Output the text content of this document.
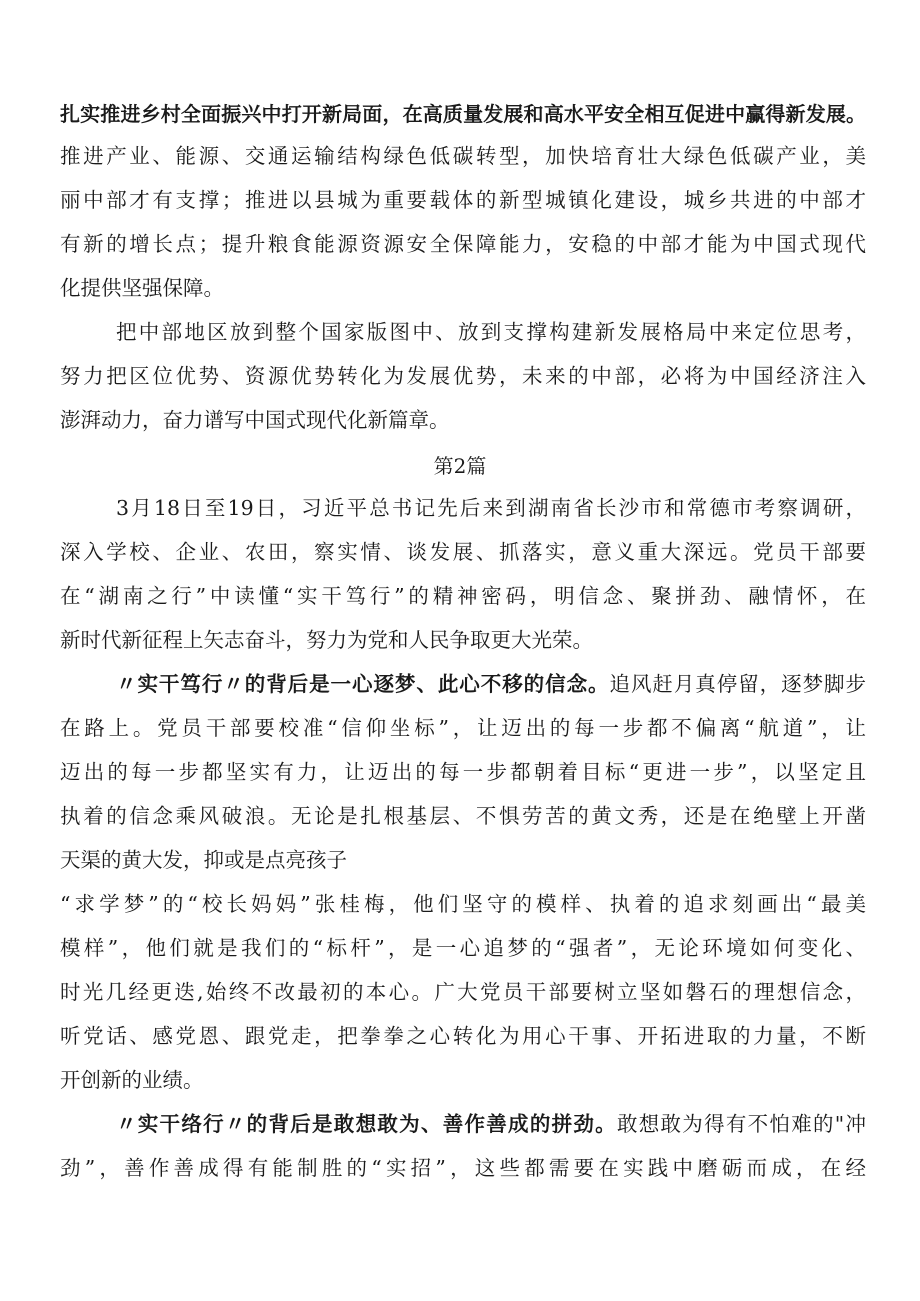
扎实推进乡村全面振兴中打开新局面，在高质量发展和高水平安全相互促进中赢得新发展。

推进产业、能源、交通运输结构绿色低碳转型，加快培育壮大绿色低碳产业，美

丽中部才有支撑；推进以县城为重要载体的新型城镇化建设，城乡共进的中部才

有新的增长点；提升粮食能源资源安全保障能力，安稳的中部才能为中国式现代

化提供坚强保障。

把中部地区放到整个国家版图中、放到支撑构建新发展格局中来定位思考，

努力把区位优势、资源优势转化为发展优势，未来的中部，必将为中国经济注入

澎湃动力，奋力谱写中国式现代化新篇章。

第2篇

3月18日至19日，习近平总书记先后来到湖南省长沙市和常德市考察调研，

深入学校、企业、农田，察实情、谈发展、抓落实，意义重大深远。党员干部要

在“湖南之行”中读懂“实干笃行”的精神密码，明信念、聚拼劲、融情怀，在

新时代新征程上矢志奋斗，努力为党和人民争取更大光荣。

〃实干笃行〃的背后是一心逐梦、此心不移的信念。追风赶月真停留，逐梦脚步

在路上。党员干部要校准“信仰坐标”，让迈出的每一步都不偏离“航道”，让

迈出的每一步都坚实有力，让迈出的每一步都朝着目标“更进一步”，以坚定且

执着的信念乘风破浪。无论是扎根基层、不惧劳苦的黄文秀，还是在绝壁上开凿

天渠的黄大发，抑或是点亮孩子

“求学梦”的“校长妈妈”张桂梅，他们坚守的模样、执着的追求刻画出“最美

模样”，他们就是我们的“标杆”，是一心追梦的“强者”，无论环境如何变化、

时光几经更迭,始终不改最初的本心。广大党员干部要树立坚如磐石的理想信念，

听党话、感党恩、跟党走，把拳拳之心转化为用心干事、开拓进取的力量，不断

开创新的业绩。

〃实干络行〃的背后是敢想敢为、善作善成的拼劲。敢想敢为得有不怕难的"冲

劲”，善作善成得有能制胜的“实招”，这些都需要在实践中磨砺而成，在经
